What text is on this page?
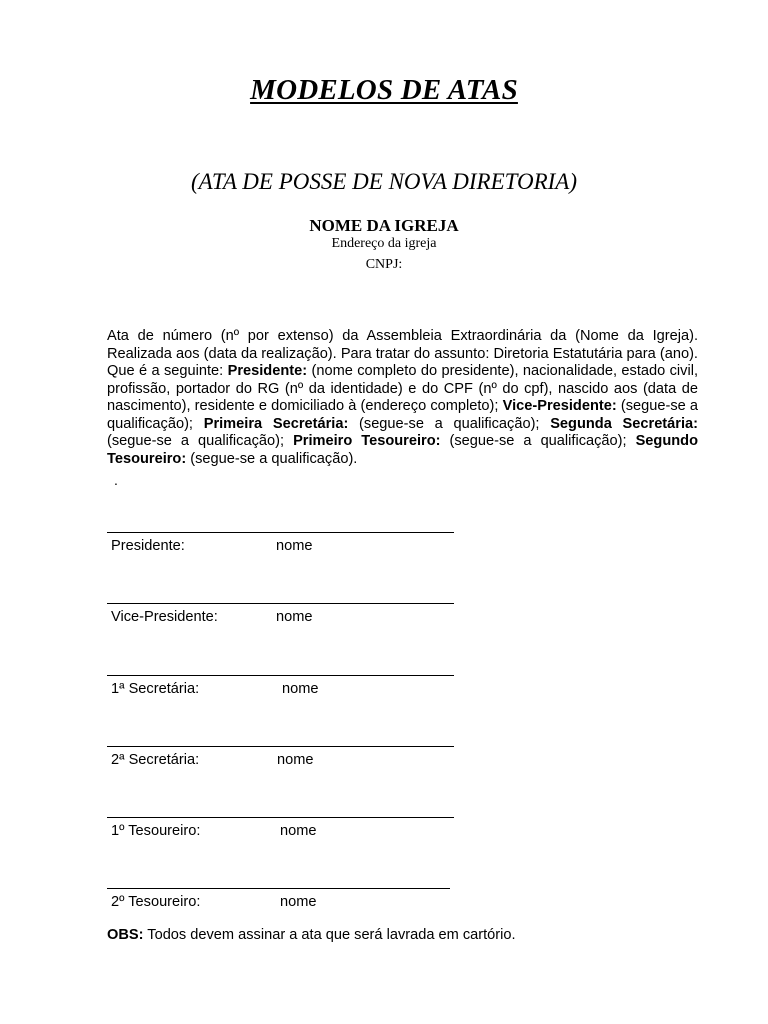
MODELOS DE ATAS
(ATA DE POSSE DE NOVA DIRETORIA)
NOME DA IGREJA
Endereço da igreja
CNPJ:
Ata de número (nº por extenso) da Assembleia Extraordinária da (Nome da Igreja). Realizada aos (data da realização). Para tratar do assunto: Diretoria Estatutária para (ano). Que é a seguinte: Presidente: (nome completo do presidente), nacionalidade, estado civil, profissão, portador do RG (nº da identidade) e do CPF (nº do cpf), nascido aos (data de nascimento), residente e domiciliado à (endereço completo); Vice-Presidente: (segue-se a qualificação); Primeira Secretária: (segue-se a qualificação); Segunda Secretária: (segue-se a qualificação); Primeiro Tesoureiro: (segue-se a qualificação); Segundo Tesoureiro: (segue-se a qualificação).
.
Presidente:	nome
Vice-Presidente:	nome
1ª Secretária:	nome
2ª Secretária:	nome
1º Tesoureiro:	nome
2º Tesoureiro:	nome
OBS: Todos devem assinar a ata que será lavrada em cartório.
